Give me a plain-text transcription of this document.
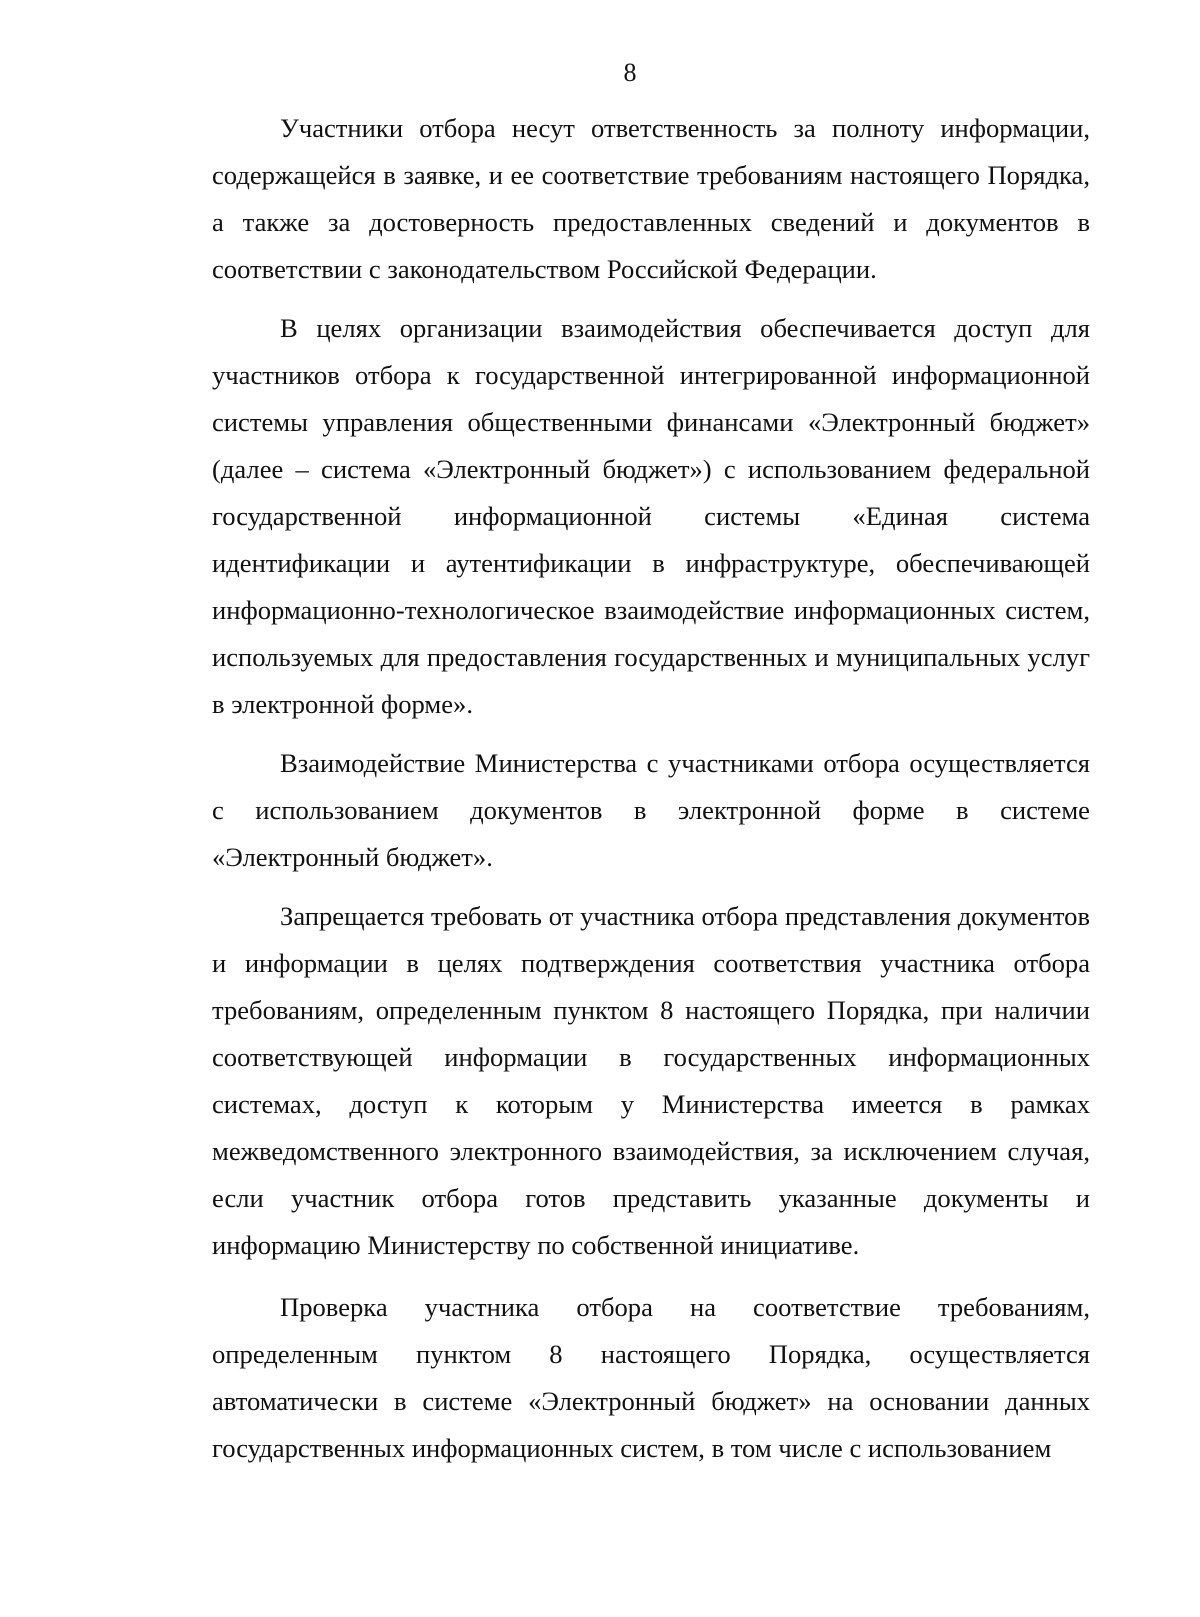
8

Участники отбора несут ответственность за полноту информации, содержащейся в заявке, и ее соответствие требованиям настоящего Порядка, а также за достоверность предоставленных сведений и документов в соответствии с законодательством Российской Федерации.

В целях организации взаимодействия обеспечивается доступ для участников отбора к государственной интегрированной информационной системы управления общественными финансами «Электронный бюджет» (далее – система «Электронный бюджет») с использованием федеральной государственной информационной системы «Единая система идентификации и аутентификации в инфраструктуре, обеспечивающей информационно-технологическое взаимодействие информационных систем, используемых для предоставления государственных и муниципальных услуг в электронной форме».

Взаимодействие Министерства с участниками отбора осуществляется с использованием документов в электронной форме в системе «Электронный бюджет».

Запрещается требовать от участника отбора представления документов и информации в целях подтверждения соответствия участника отбора требованиям, определенным пунктом 8 настоящего Порядка, при наличии соответствующей информации в государственных информационных системах, доступ к которым у Министерства имеется в рамках межведомственного электронного взаимодействия, за исключением случая, если участник отбора готов представить указанные документы и информацию Министерству по собственной инициативе.

Проверка участника отбора на соответствие требованиям, определенным пунктом 8 настоящего Порядка, осуществляется автоматически в системе «Электронный бюджет» на основании данных государственных информационных систем, в том числе с использованием
